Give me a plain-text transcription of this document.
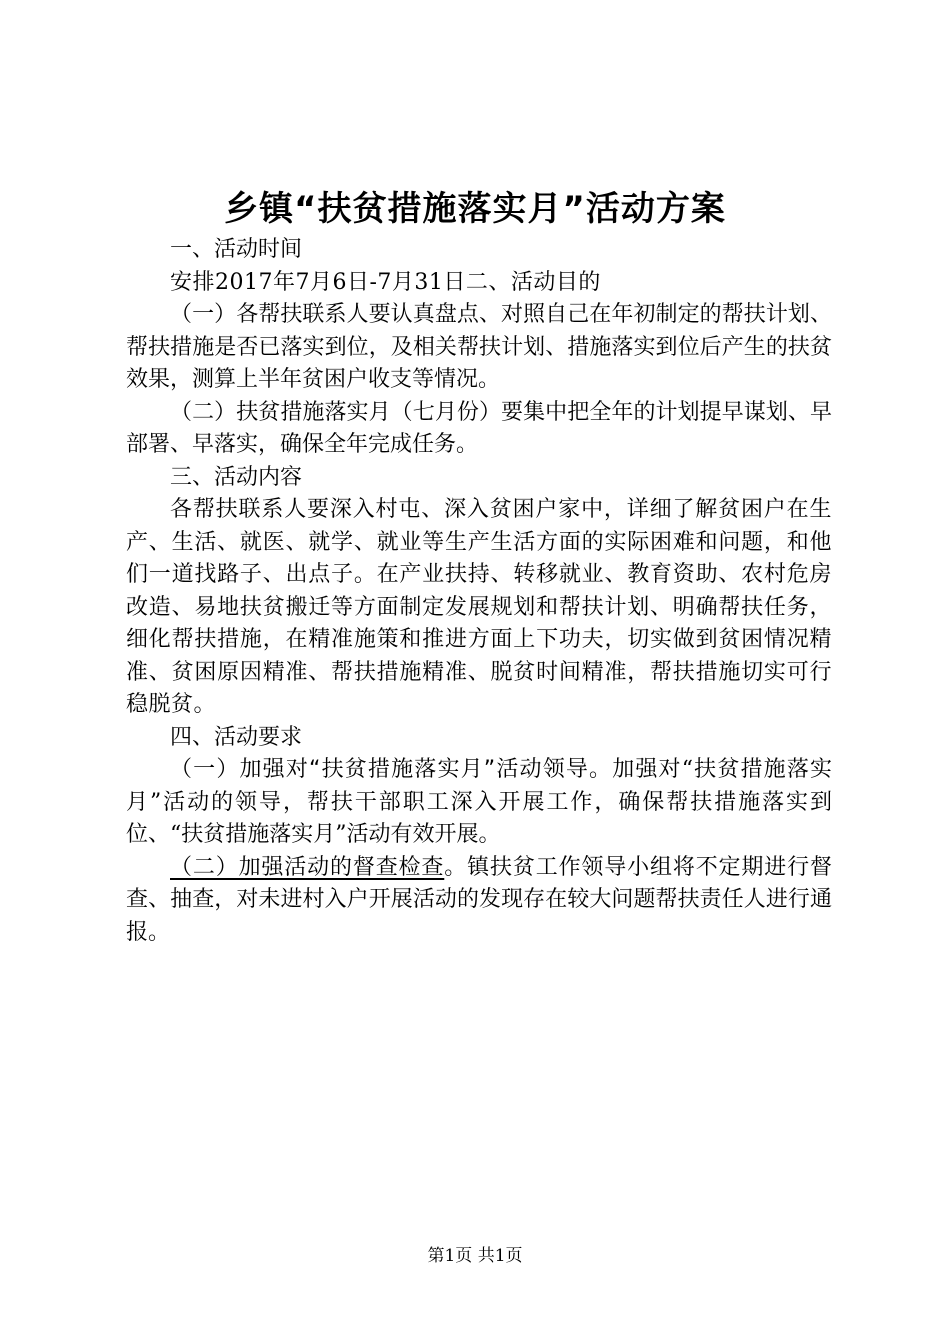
乡镇“扶贫措施落实月”活动方案

一、活动时间

安排2017年7月6日-7月31日二、活动目的

（一）各帮扶联系人要认真盘点、对照自己在年初制定的帮扶计划、帮扶措施是否已落实到位，及相关帮扶计划、措施落实到位后产生的扶贫效果，测算上半年贫困户收支等情况。

（二）扶贫措施落实月（七月份）要集中把全年的计划提早谋划、早部署、早落实，确保全年完成任务。

三、活动内容

各帮扶联系人要深入村屯、深入贫困户家中，详细了解贫困户在生产、生活、就医、就学、就业等生产生活方面的实际困难和问题，和他们一道找路子、出点子。在产业扶持、转移就业、教育资助、农村危房改造、易地扶贫搬迁等方面制定发展规划和帮扶计划、明确帮扶任务，细化帮扶措施，在精准施策和推进方面上下功夫，切实做到贫困情况精准、贫困原因精准、帮扶措施精准、脱贫时间精准，帮扶措施切实可行稳脱贫。

四、活动要求

（一）加强对“扶贫措施落实月”活动领导。加强对“扶贫措施落实月”活动的领导，帮扶干部职工深入开展工作，确保帮扶措施落实到位、“扶贫措施落实月”活动有效开展。

（二）加强活动的督查检查。镇扶贫工作领导小组将不定期进行督查、抽查，对未进村入户开展活动的发现存在较大问题帮扶责任人进行通报。

第1页 共1页
